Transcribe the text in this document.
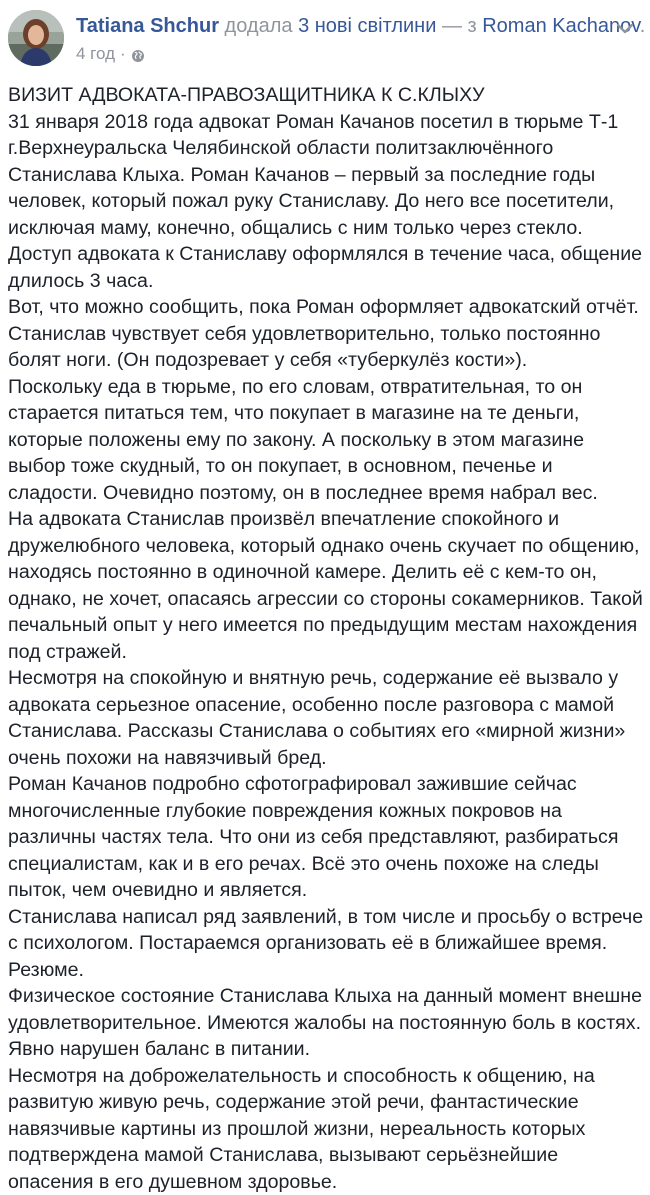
Tatiana Shchur додала 3 нові світлини — з Roman Kachanov.
4 год ·

ВИЗИТ АДВОКАТА-ПРАВОЗАЩИТНИКА К С.КЛЫХУ

31 января 2018 года адвокат Роман Качанов посетил в тюрьме Т-1 г.Верхнеуральска Челябинской области политзаключённого Станислава Клыха. Роман Качанов – первый за последние годы человек, который пожал руку Станиславу. До него все посетители, исключая маму, конечно, общались с ним только через стекло.

Доступ адвоката к Станиславу оформлялся в течение часа, общение длилось 3 часа.

Вот, что можно сообщить, пока Роман оформляет адвокатский отчёт.

Станислав чувствует себя удовлетворительно, только постоянно болят ноги. (Он подозревает у себя «туберкулёз кости»).

Поскольку еда в тюрьме, по его словам, отвратительная, то он старается питаться тем, что покупает в магазине на те деньги, которые положены ему по закону. А поскольку в этом магазине выбор тоже скудный, то он покупает, в основном, печенье и сладости. Очевидно поэтому, он в последнее время набрал вес.

На адвоката Станислав произвёл впечатление спокойного и дружелюбного человека, который однако очень скучает по общению, находясь постоянно в одиночной камере. Делить её с кем-то он, однако, не хочет, опасаясь агрессии со стороны сокамерников. Такой печальный опыт у него имеется по предыдущим местам нахождения под стражей.

Несмотря на спокойную и внятную речь, содержание её вызвало у адвоката серьезное опасение, особенно после разговора с мамой Станислава. Рассказы Станислава о событиях его «мирной жизни» очень похожи на навязчивый бред.

Роман Качанов подробно сфотографировал зажившие сейчас многочисленные глубокие повреждения кожных покровов на различны частях тела. Что они из себя представляют, разбираться специалистам, как и в его речах. Всё это очень похоже на следы пыток, чем очевидно и является.

Станислава написал ряд заявлений, в том числе и просьбу о встрече с психологом. Постараемся организовать её в ближайшее время.

Резюме.

Физическое состояние Станислава Клыха на данный момент внешне удовлетворительное. Имеются жалобы на постоянную боль в костях. Явно нарушен баланс в питании.

Несмотря на доброжелательность и способность к общению, на развитую живую речь, содержание этой речи, фантастические навязчивые картины из прошлой жизни, нереальность которых подтверждена мамой Станислава, вызывают серьёзнейшие опасения в его душевном здоровье.
